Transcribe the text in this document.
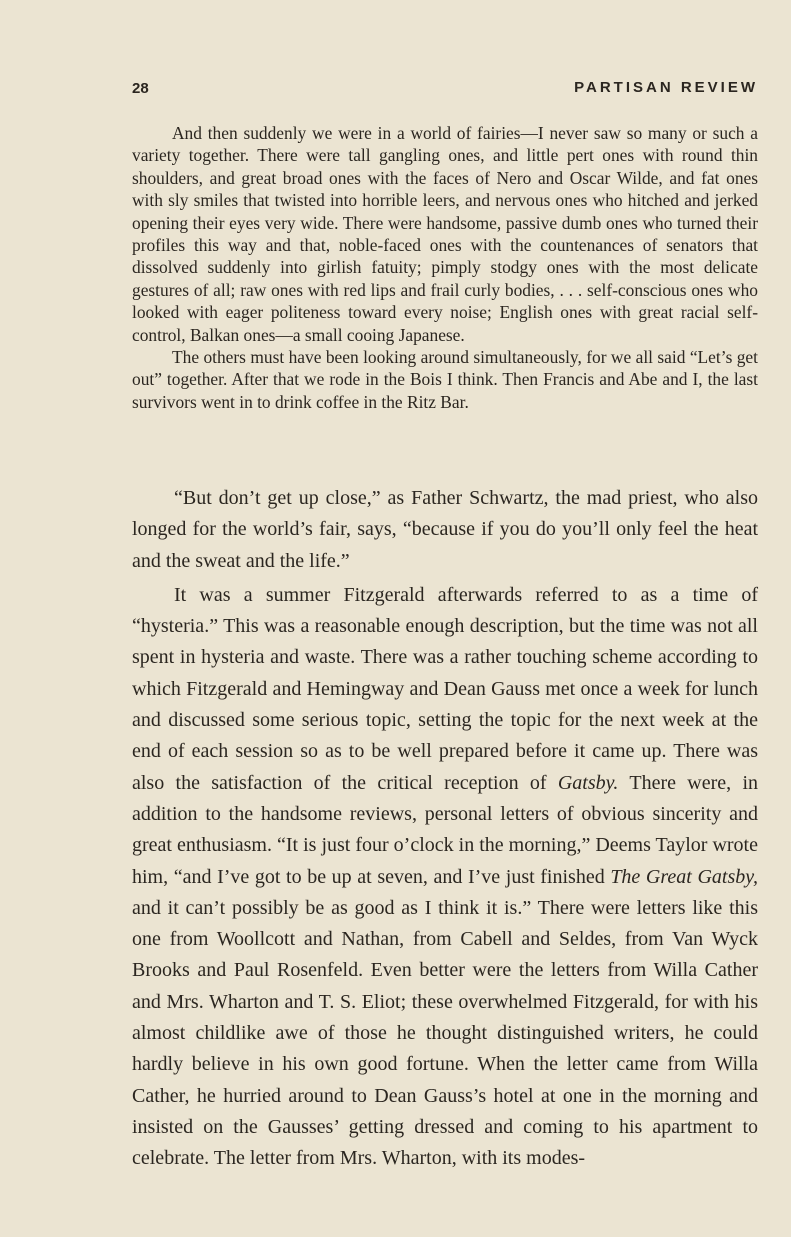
28	PARTISAN REVIEW

And then suddenly we were in a world of fairies—I never saw so many or such a variety together. There were tall gangling ones, and little pert ones with round thin shoulders, and great broad ones with the faces of Nero and Oscar Wilde, and fat ones with sly smiles that twisted into horrible leers, and nervous ones who hitched and jerked opening their eyes very wide. There were handsome, passive dumb ones who turned their profiles this way and that, noble-faced ones with the countenances of senators that dissolved suddenly into girlish fatuity; pimply stodgy ones with the most delicate gestures of all; raw ones with red lips and frail curly bodies, . . . self-conscious ones who looked with eager politeness toward every noise; English ones with great racial self-control, Balkan ones—a small cooing Japanese.

The others must have been looking around simultaneously, for we all said “Let’s get out” together. After that we rode in the Bois I think. Then Francis and Abe and I, the last survivors went in to drink coffee in the Ritz Bar.

“But don’t get up close,” as Father Schwartz, the mad priest, who also longed for the world’s fair, says, “because if you do you’ll only feel the heat and the sweat and the life.”

It was a summer Fitzgerald afterwards referred to as a time of “hysteria.” This was a reasonable enough description, but the time was not all spent in hysteria and waste. There was a rather touching scheme according to which Fitzgerald and Hemingway and Dean Gauss met once a week for lunch and discussed some serious topic, setting the topic for the next week at the end of each session so as to be well prepared before it came up. There was also the satisfaction of the critical reception of Gatsby. There were, in addition to the handsome reviews, personal letters of obvious sincerity and great enthusiasm. “It is just four o’clock in the morning,” Deems Taylor wrote him, “and I’ve got to be up at seven, and I’ve just finished The Great Gatsby, and it can’t possibly be as good as I think it is.” There were letters like this one from Woollcott and Nathan, from Cabell and Seldes, from Van Wyck Brooks and Paul Rosenfeld. Even better were the letters from Willa Cather and Mrs. Wharton and T. S. Eliot; these overwhelmed Fitzgerald, for with his almost childlike awe of those he thought distinguished writers, he could hardly believe in his own good fortune. When the letter came from Willa Cather, he hurried around to Dean Gauss’s hotel at one in the morning and insisted on the Gausses’ getting dressed and coming to his apartment to celebrate. The letter from Mrs. Wharton, with its modes-
